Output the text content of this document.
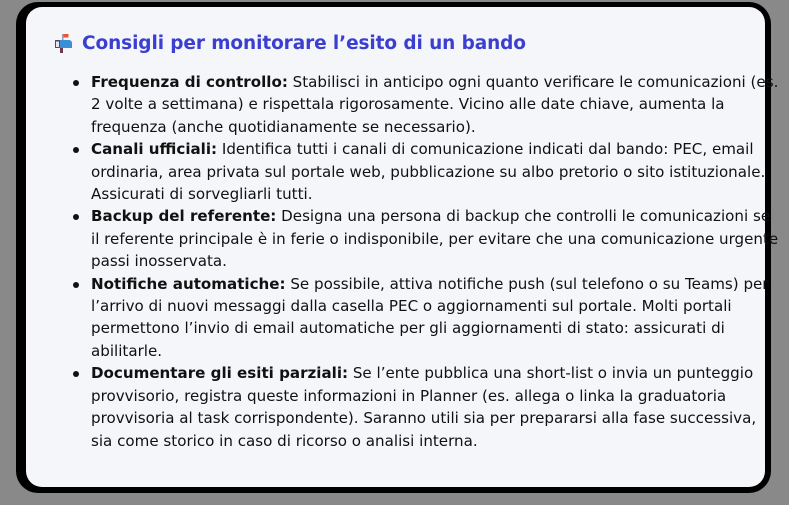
Consigli per monitorare l’esito di un bando
Frequenza di controllo: Stabilisci in anticipo ogni quanto verificare le comunicazioni (es. 2 volte a settimana) e rispettala rigorosamente. Vicino alle date chiave, aumenta la frequenza (anche quotidianamente se necessario).
Canali ufficiali: Identifica tutti i canali di comunicazione indicati dal bando: PEC, email ordinaria, area privata sul portale web, pubblicazione su albo pretorio o sito istituzionale. Assicurati di sorvegliarli tutti.
Backup del referente: Designa una persona di backup che controlli le comunicazioni se il referente principale è in ferie o indisponibile, per evitare che una comunicazione urgente passi inosservata.
Notifiche automatiche: Se possibile, attiva notifiche push (sul telefono o su Teams) per l’arrivo di nuovi messaggi dalla casella PEC o aggiornamenti sul portale. Molti portali permettono l’invio di email automatiche per gli aggiornamenti di stato: assicurati di abilitarle.
Documentare gli esiti parziali: Se l’ente pubblica una short-list o invia un punteggio provvisorio, registra queste informazioni in Planner (es. allega o linka la graduatoria provvisoria al task corrispondente). Saranno utili sia per prepararsi alla fase successiva, sia come storico in caso di ricorso o analisi interna.
